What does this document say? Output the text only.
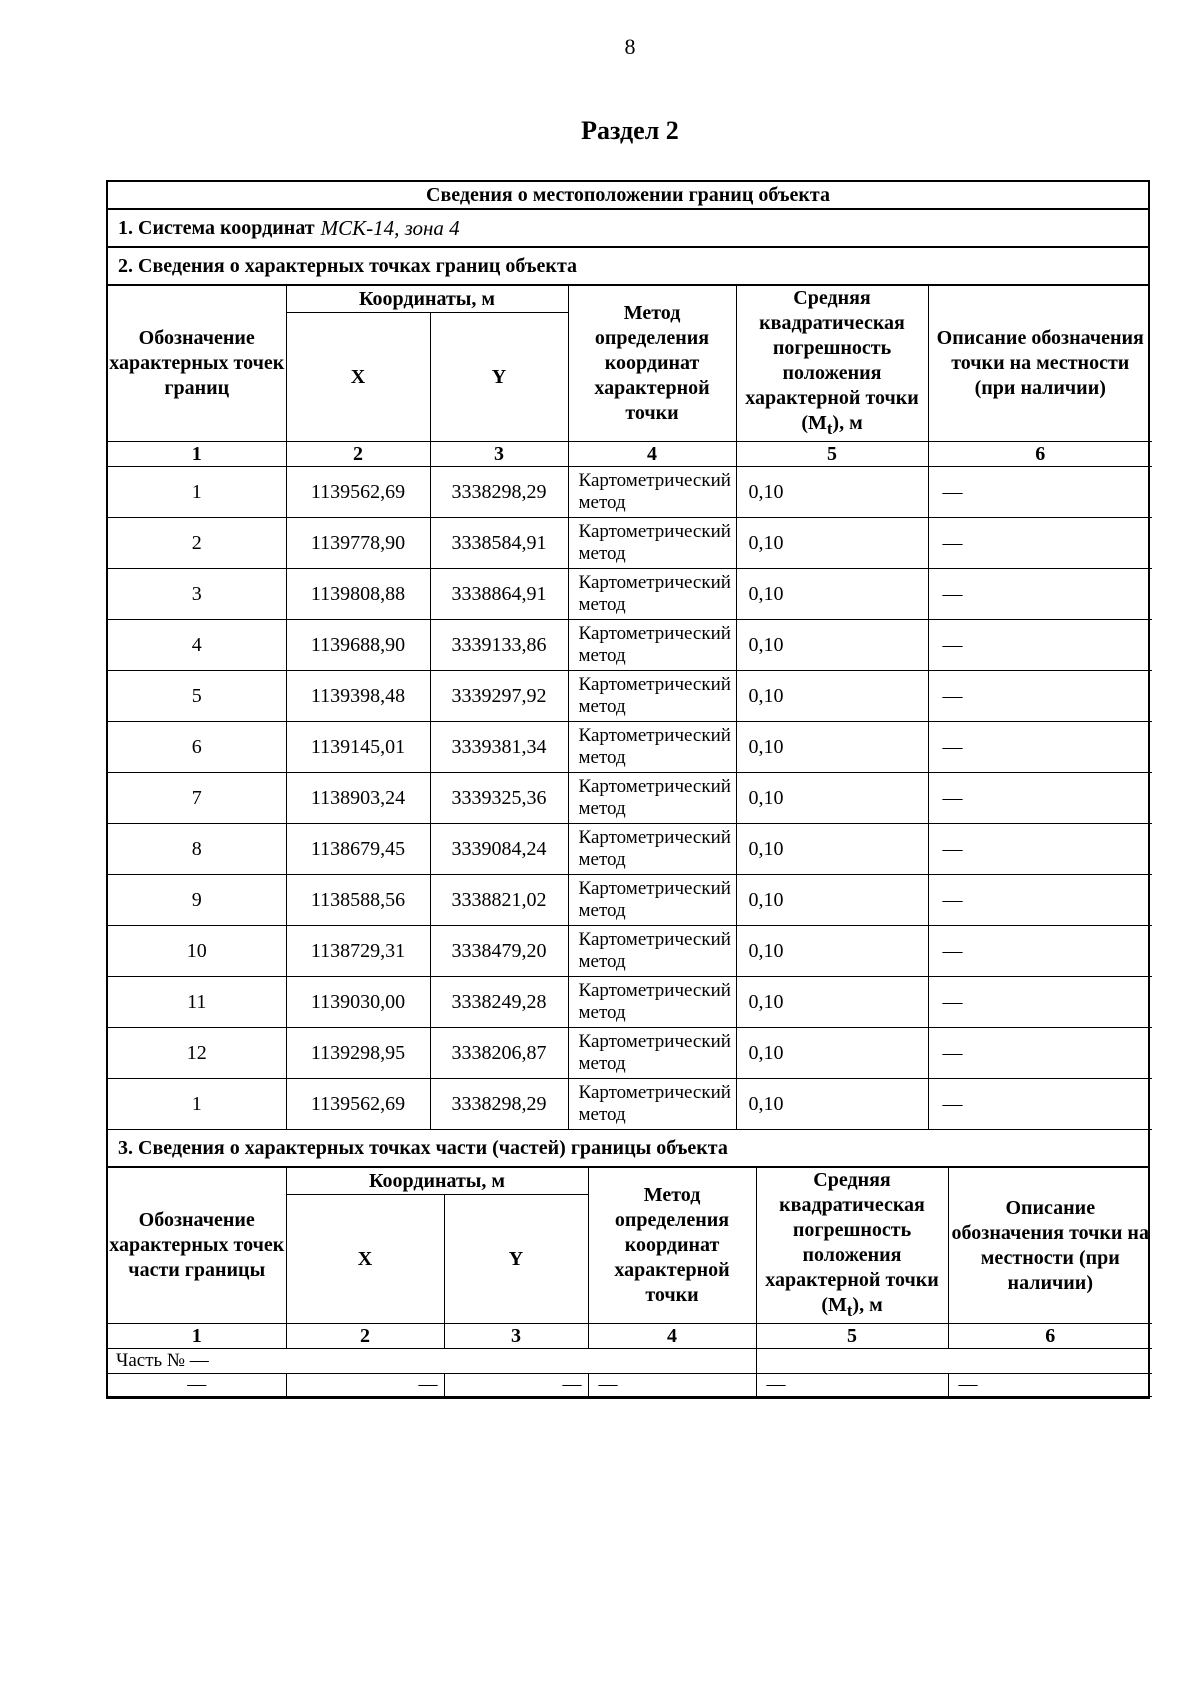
8
Раздел 2
Сведения о местоположении границ объекта
1. Система координат МСК-14, зона 4
2. Сведения о характерных точках границ объекта
Обозначение характерных точек границ	Координаты, м		Метод определения координат характерной точки	Средняя квадратическая погрешность положения характерной точки $(M_t)$, м	Описание обозначения точки на местности (при наличии)
	X	Y			
1	2	3	4	5	6
1	1139562,69	3338298,29	Картометрический метод	0,10	—
2	1139778,90	3338584,91	Картометрический метод	0,10	—
3	1139808,88	3338864,91	Картометрический метод	0,10	—
4	1139688,90	3339133,86	Картометрический метод	0,10	—
5	1139398,48	3339297,92	Картометрический метод	0,10	—
6	1139145,01	3339381,34	Картометрический метод	0,10	—
7	1138903,24	3339325,36	Картометрический метод	0,10	—
8	1138679,45	3339084,24	Картометрический метод	0,10	—
9	1138588,56	3338821,02	Картометрический метод	0,10	—
10	1138729,31	3338479,20	Картометрический метод	0,10	—
11	1139030,00	3338249,28	Картометрический метод	0,10	—
12	1139298,95	3338206,87	Картометрический метод	0,10	—
1	1139562,69	3338298,29	Картометрический метод	0,10	—
3. Сведения о характерных точках части (частей) границы объекта
Обозначение характерных точек части границы	Координаты, м		Метод определения координат характерной точки	Средняя квадратическая погрешность положения характерной точки $(M_t)$, м	Описание обозначения точки на местности (при наличии)
	X	Y			
1	2	3	4	5	6
Часть № —					
—	—	—	—	—	—
